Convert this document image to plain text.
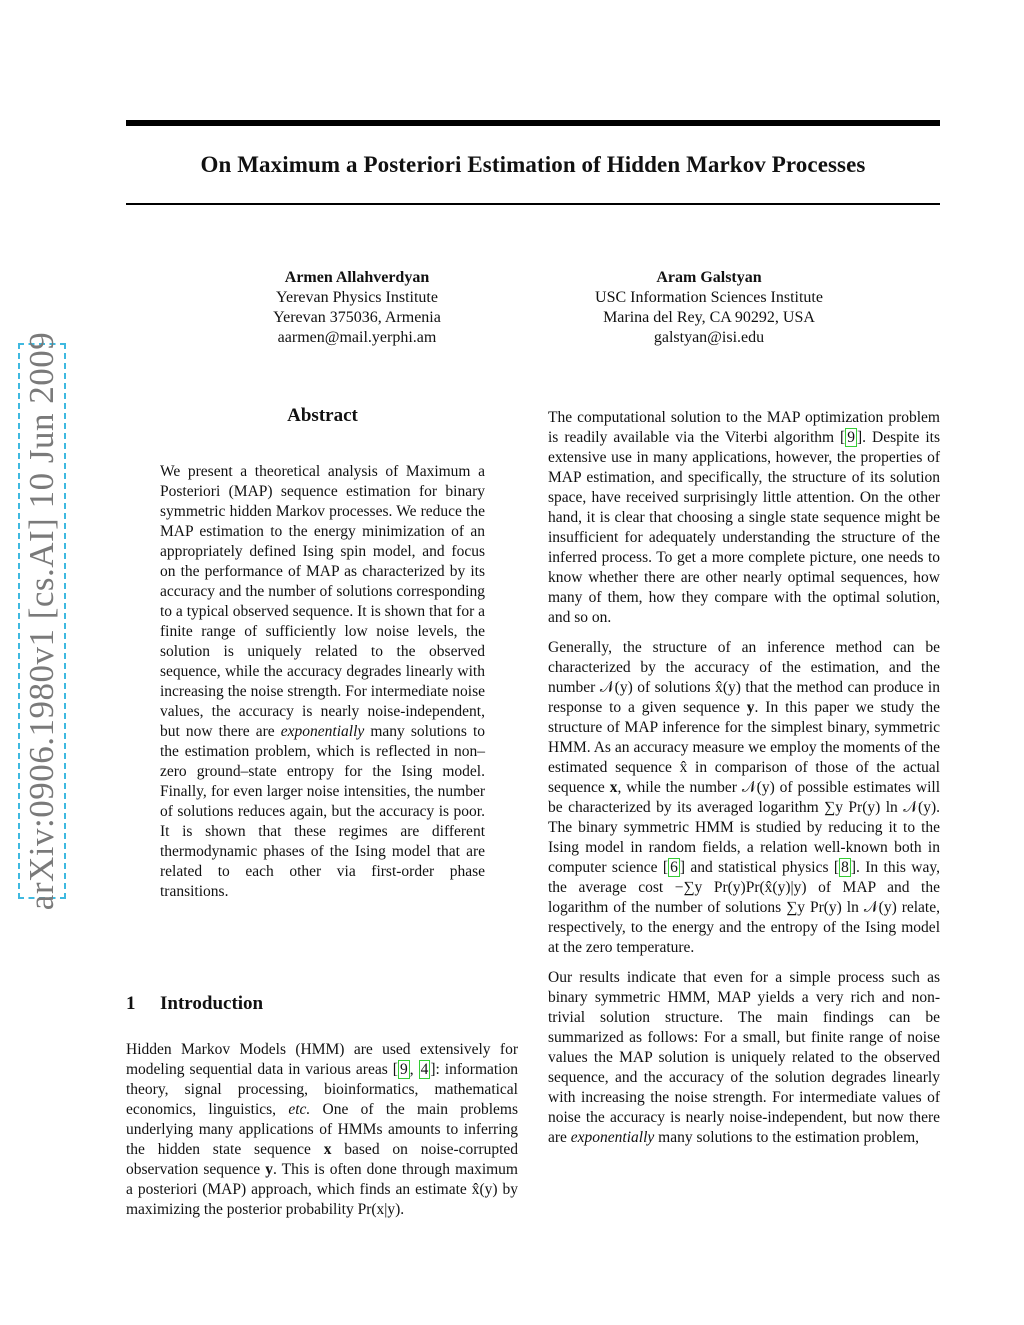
On Maximum a Posteriori Estimation of Hidden Markov Processes
arXiv:0906.1980v1 [cs.AI] 10 Jun 2009
Armen Allahverdyan
Yerevan Physics Institute
Yerevan 375036, Armenia
aarmen@mail.yerphi.am
Aram Galstyan
USC Information Sciences Institute
Marina del Rey, CA 90292, USA
galstyan@isi.edu
Abstract
We present a theoretical analysis of Maximum a Posteriori (MAP) sequence estimation for binary symmetric hidden Markov processes. We reduce the MAP estimation to the energy minimization of an appropriately defined Ising spin model, and focus on the performance of MAP as characterized by its accuracy and the number of solutions corresponding to a typical observed sequence. It is shown that for a finite range of sufficiently low noise levels, the solution is uniquely related to the observed sequence, while the accuracy degrades linearly with increasing the noise strength. For intermediate noise values, the accuracy is nearly noise-independent, but now there are exponentially many solutions to the estimation problem, which is reflected in non–zero ground–state entropy for the Ising model. Finally, for even larger noise intensities, the number of solutions reduces again, but the accuracy is poor. It is shown that these regimes are different thermodynamic phases of the Ising model that are related to each other via first-order phase transitions.
1 Introduction
Hidden Markov Models (HMM) are used extensively for modeling sequential data in various areas [ 9 , 4 ]: information theory, signal processing, bioinformatics, mathematical economics, linguistics, etc. One of the main problems underlying many applications of HMMs amounts to inferring the hidden state sequence x based on noise-corrupted observation sequence y. This is often done through maximum a posteriori (MAP) approach, which finds an estimate x̂(y) by maximizing the posterior probability Pr(x|y).

The computational solution to the MAP optimization problem is readily available via the Viterbi algorithm [ 9 ]. Despite its extensive use in many applications, however, the properties of MAP estimation, and specifically, the structure of its solution space, have received surprisingly little attention. On the other hand, it is clear that choosing a single state sequence might be insufficient for adequately understanding the structure of the inferred process. To get a more complete picture, one needs to know whether there are other nearly optimal sequences, how many of them, how they compare with the optimal solution, and so on.

Generally, the structure of an inference method can be characterized by the accuracy of the estimation, and the number 𝒩(y) of solutions x̂(y) that the method can produce in response to a given sequence y. In this paper we study the structure of MAP inference for the simplest binary, symmetric HMM. As an accuracy measure we employ the moments of the estimated sequence x̂ in comparison of those of the actual sequence x, while the number 𝒩(y) of possible estimates will be characterized by its averaged logarithm ∑y Pr(y) ln 𝒩(y). The binary symmetric HMM is studied by reducing it to the Ising model in random fields, a relation well-known both in computer science [ 6 ] and statistical physics [ 8 ]. In this way, the average cost −∑y Pr(y)Pr(x̂(y)|y) of MAP and the logarithm of the number of solutions ∑y Pr(y) ln 𝒩(y) relate, respectively, to the energy and the entropy of the Ising model at the zero temperature.

Our results indicate that even for a simple process such as binary symmetric HMM, MAP yields a very rich and non-trivial solution structure. The main findings can be summarized as follows: For a small, but finite range of noise values the MAP solution is uniquely related to the observed sequence, and the accuracy of the solution degrades linearly with increasing the noise strength. For intermediate values of noise the accuracy is nearly noise-independent, but now there are exponentially many solutions to the estimation problem,
